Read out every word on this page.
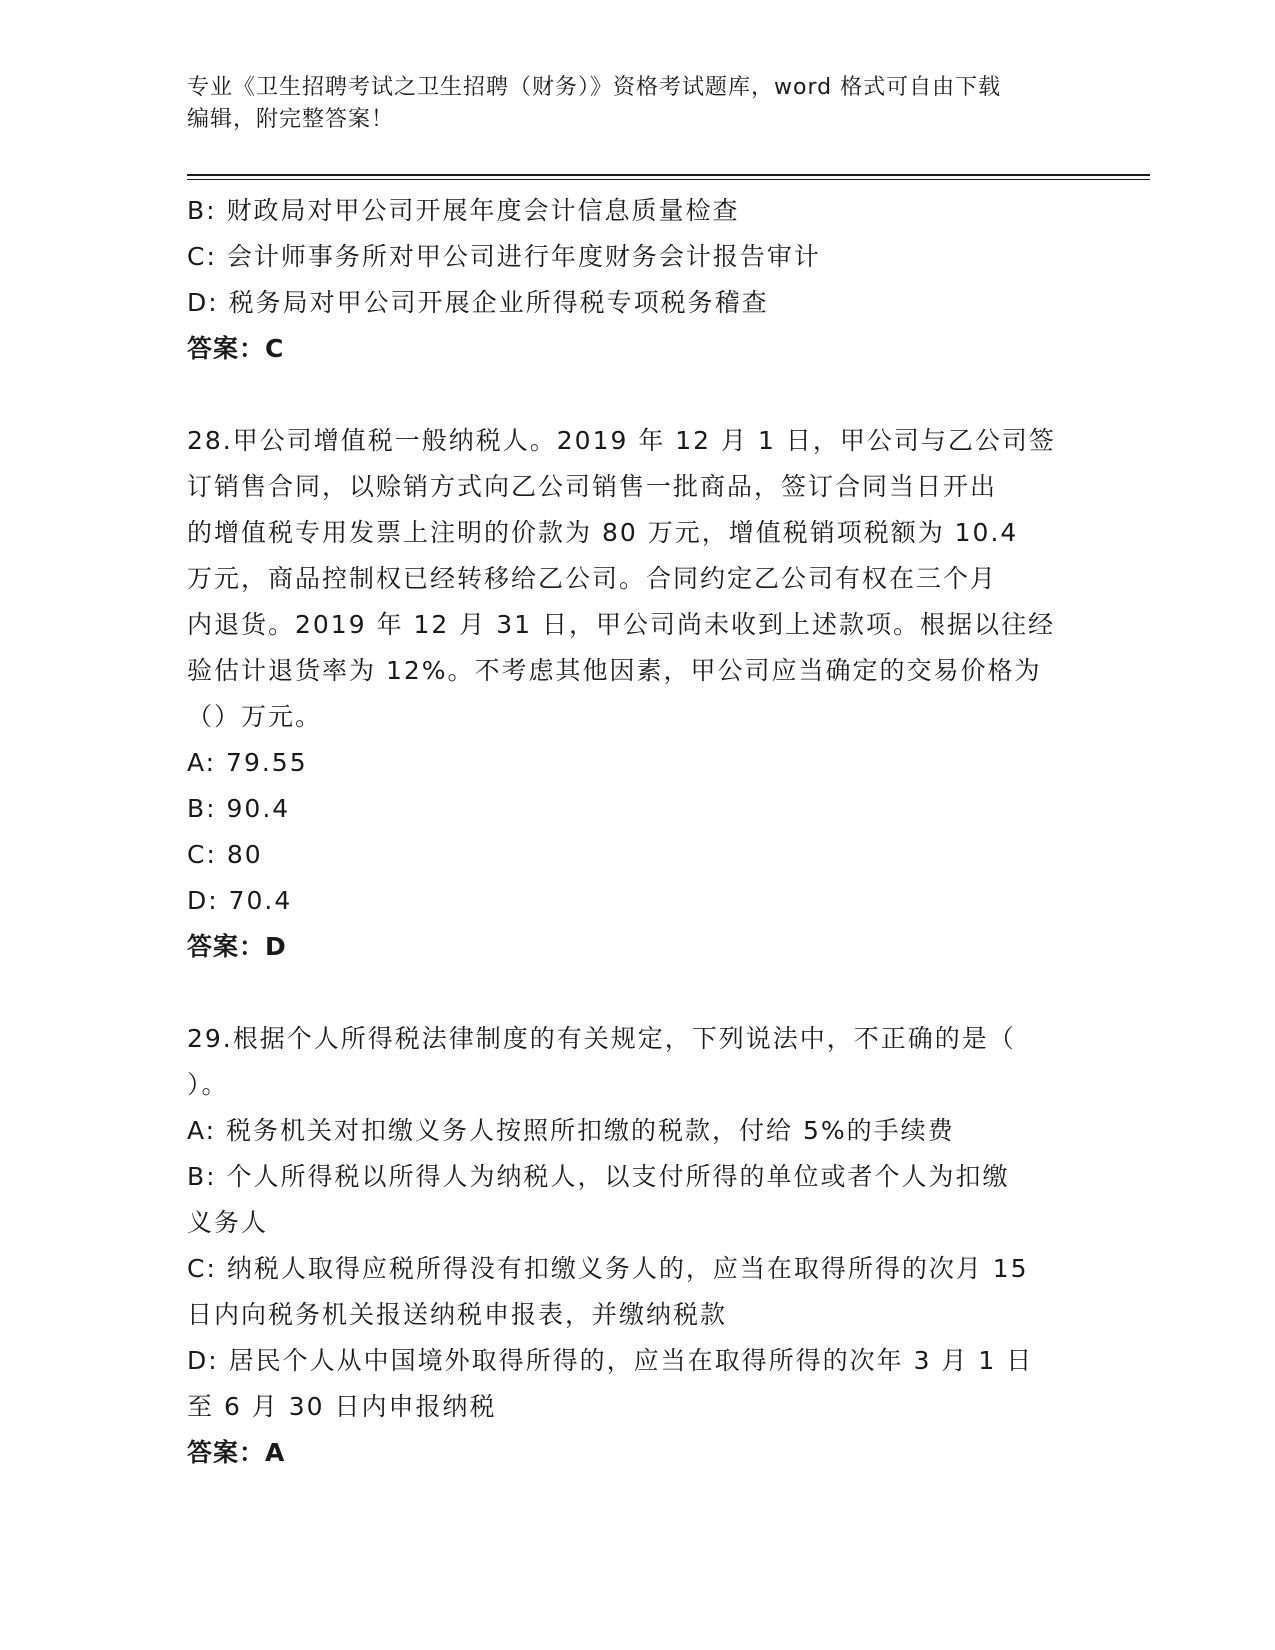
专业《卫生招聘考试之卫生招聘（财务）》资格考试题库，word 格式可自由下载
编辑，附完整答案！
B: 财政局对甲公司开展年度会计信息质量检查
C: 会计师事务所对甲公司进行年度财务会计报告审计
D: 税务局对甲公司开展企业所得税专项税务稽查
答案：C
28.甲公司增值税一般纳税人。2019 年 12 月 1 日，甲公司与乙公司签
订销售合同，以赊销方式向乙公司销售一批商品，签订合同当日开出
的增值税专用发票上注明的价款为 80 万元，增值税销项税额为 10.4
万元，商品控制权已经转移给乙公司。合同约定乙公司有权在三个月
内退货。2019 年 12 月 31 日，甲公司尚未收到上述款项。根据以往经
验估计退货率为 12%。不考虑其他因素，甲公司应当确定的交易价格为
（）万元。
A: 79.55
B: 90.4
C: 80
D: 70.4
答案：D
29.根据个人所得税法律制度的有关规定，下列说法中，不正确的是（
）。
A: 税务机关对扣缴义务人按照所扣缴的税款，付给 5%的手续费
B: 个人所得税以所得人为纳税人，以支付所得的单位或者个人为扣缴
义务人
C: 纳税人取得应税所得没有扣缴义务人的，应当在取得所得的次月 15
日内向税务机关报送纳税申报表，并缴纳税款
D: 居民个人从中国境外取得所得的，应当在取得所得的次年 3 月 1 日
至 6 月 30 日内申报纳税
答案：A
